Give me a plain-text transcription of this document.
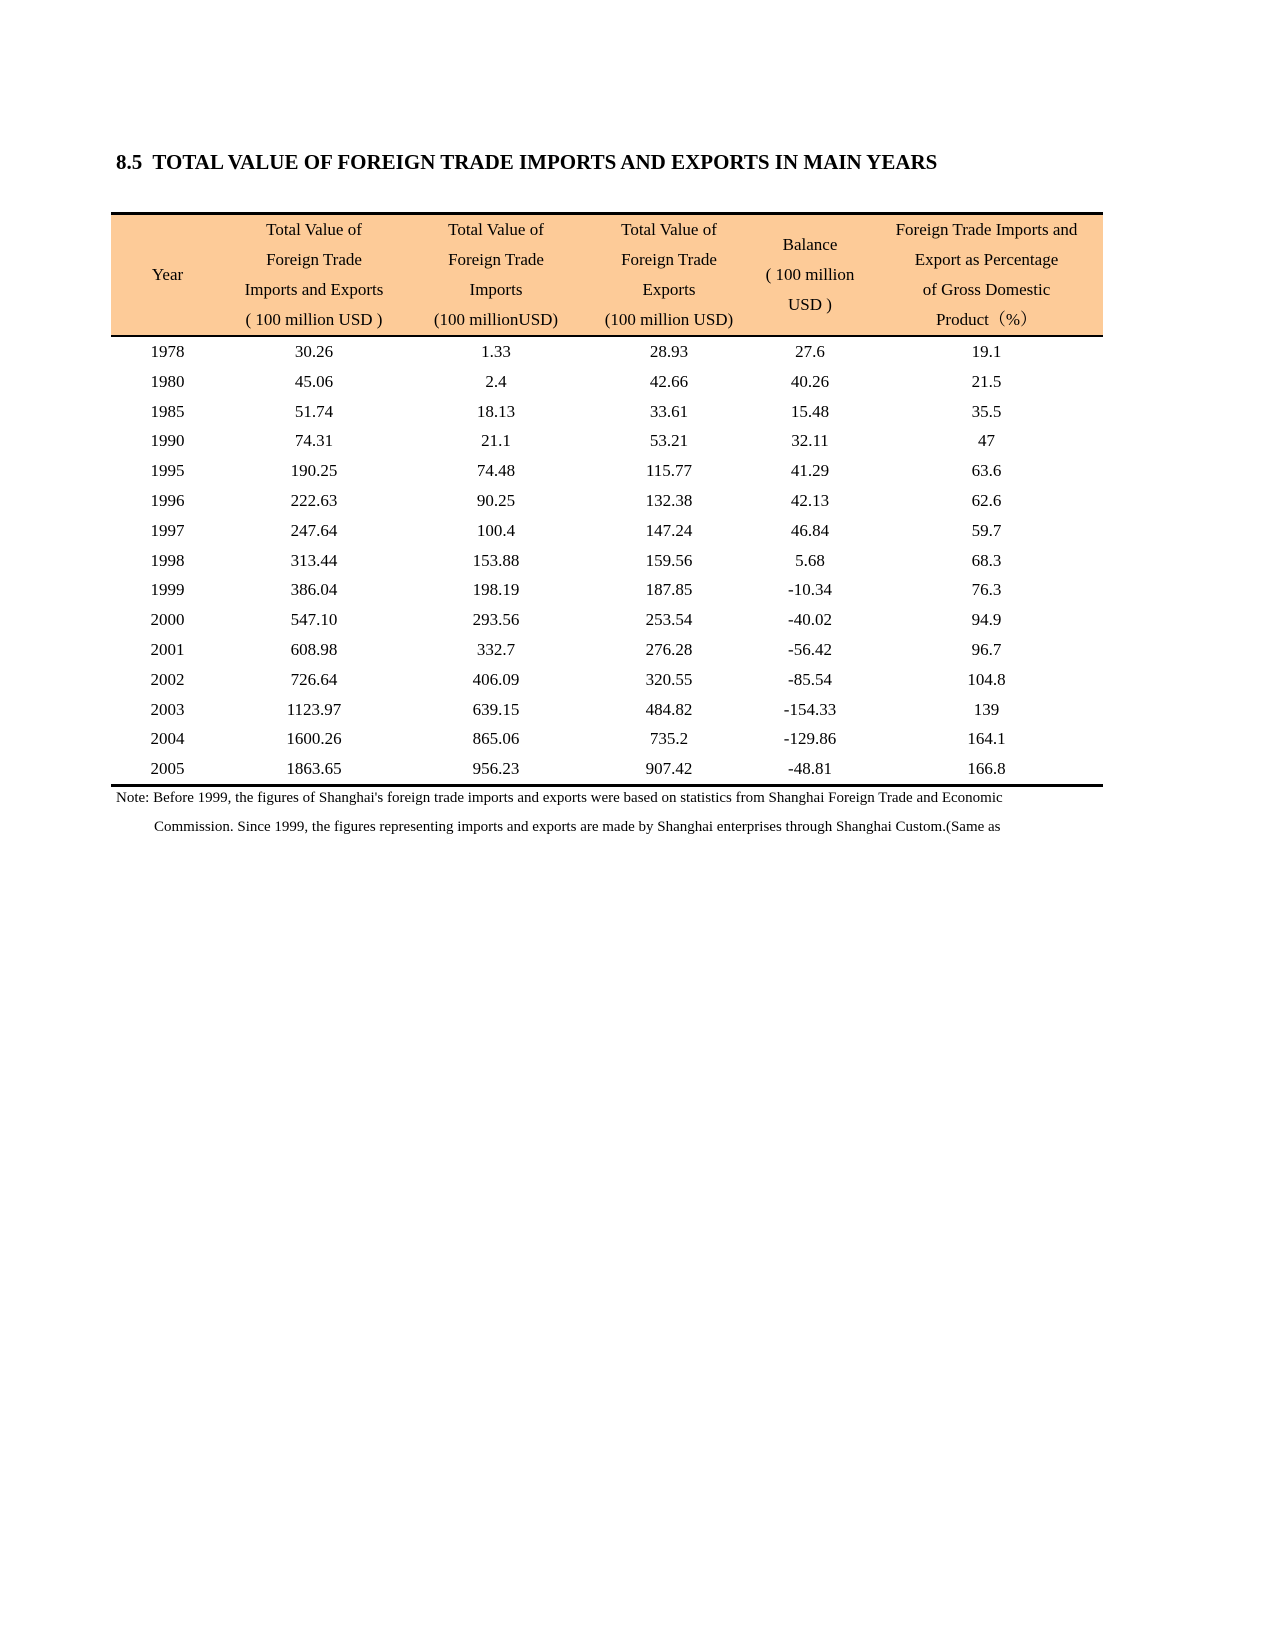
8.5  TOTAL VALUE OF FOREIGN TRADE IMPORTS AND EXPORTS IN MAIN YEARS
Year	Total Value of
Foreign Trade
Imports and Exports
( 100 million USD )	Total Value of
Foreign Trade
Imports
(100 millionUSD)	Total Value of
Foreign Trade
Exports
(100 million USD)	Balance
( 100 million
USD )	Foreign Trade Imports and
Export as Percentage
of Gross Domestic
Product（%）

1978	30.26	1.33	28.93	27.6	19.1
1980	45.06	2.4	42.66	40.26	21.5
1985	51.74	18.13	33.61	15.48	35.5
1990	74.31	21.1	53.21	32.11	47
1995	190.25	74.48	115.77	41.29	63.6
1996	222.63	90.25	132.38	42.13	62.6
1997	247.64	100.4	147.24	46.84	59.7
1998	313.44	153.88	159.56	5.68	68.3
1999	386.04	198.19	187.85	-10.34	76.3
2000	547.10	293.56	253.54	-40.02	94.9
2001	608.98	332.7	276.28	-56.42	96.7
2002	726.64	406.09	320.55	-85.54	104.8
2003	1123.97	639.15	484.82	-154.33	139
2004	1600.26	865.06	735.2	-129.86	164.1
2005	1863.65	956.23	907.42	-48.81	166.8
Note: Before 1999, the figures of Shanghai's foreign trade imports and exports were based on statistics from Shanghai Foreign Trade and Economic
Commission. Since 1999, the figures representing imports and exports are made by Shanghai enterprises through Shanghai Custom.(Same as
